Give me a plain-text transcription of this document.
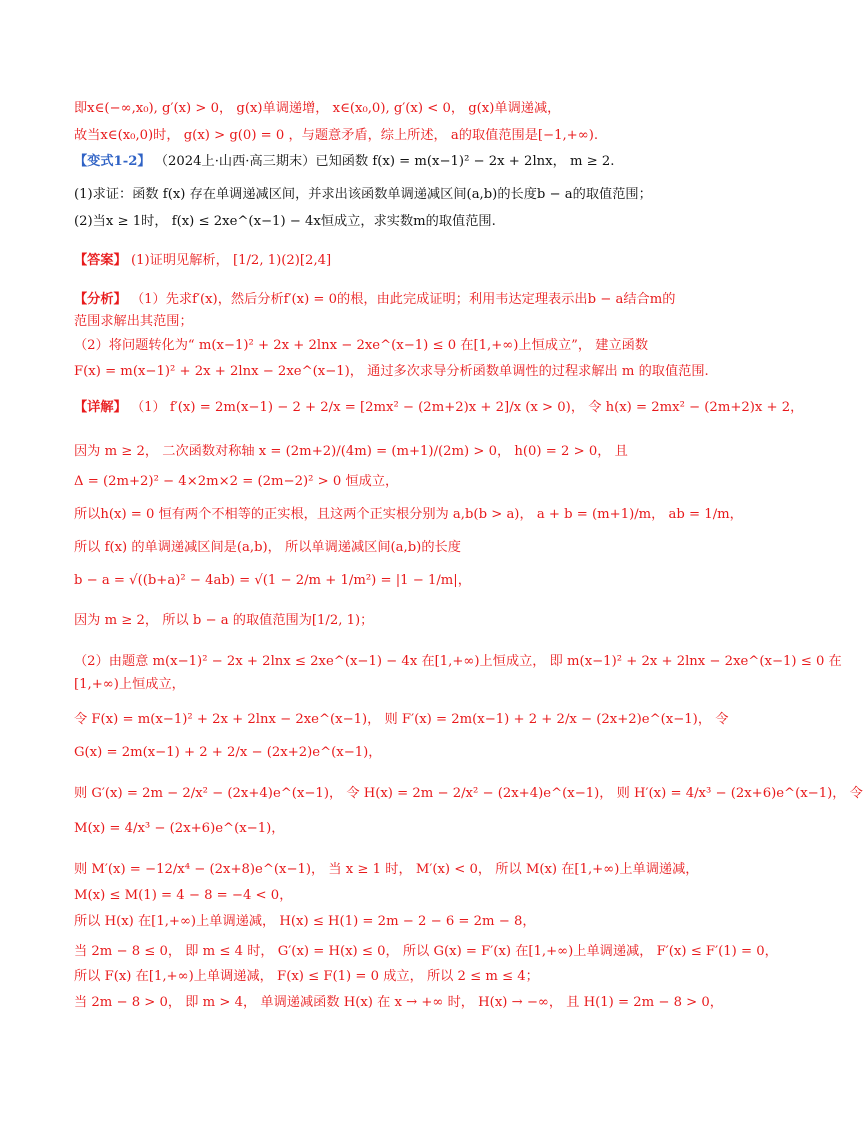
即x∈(−∞,x₀), g′(x) > 0， g(x)单调递增， x∈(x₀,0), g′(x) < 0， g(x)单调递减，
故当x∈(x₀,0)时， g(x) > g(0) = 0 ，与题意矛盾，综上所述， a的取值范围是[−1,+∞).
【变式1-2】 （2024上·山西·高三期末）已知函数 f(x) = m(x−1)² − 2x + 2lnx， m ≥ 2.
(1)求证：函数 f(x) 存在单调递减区间，并求出该函数单调递减区间(a,b)的长度b − a的取值范围；
(2)当x ≥ 1时， f(x) ≤ 2xe^(x−1) − 4x恒成立，求实数m的取值范围.
【答案】 (1)证明见解析， [1/2, 1)(2)[2,4]
【分析】 （1）先求f′(x)，然后分析f′(x) = 0的根，由此完成证明；利用韦达定理表示出b − a结合m的
范围求解出其范围；
（2）将问题转化为“ m(x−1)² + 2x + 2lnx − 2xe^(x−1) ≤ 0 在[1,+∞)上恒成立”， 建立函数
F(x) = m(x−1)² + 2x + 2lnx − 2xe^(x−1)， 通过多次求导分析函数单调性的过程求解出 m 的取值范围.
【详解】 （1） f′(x) = 2m(x−1) − 2 + 2/x = [2mx² − (2m+2)x + 2]/x (x > 0)， 令 h(x) = 2mx² − (2m+2)x + 2，
因为 m ≥ 2， 二次函数对称轴 x = (2m+2)/(4m) = (m+1)/(2m) > 0， h(0) = 2 > 0， 且
Δ = (2m+2)² − 4×2m×2 = (2m−2)² > 0 恒成立，
所以h(x) = 0 恒有两个不相等的正实根，且这两个正实根分别为 a,b(b > a)， a + b = (m+1)/m， ab = 1/m，
所以 f(x) 的单调递减区间是(a,b)， 所以单调递减区间(a,b)的长度
b − a = √((b+a)² − 4ab) = √(1 − 2/m + 1/m²) = |1 − 1/m|，
因为 m ≥ 2， 所以 b − a 的取值范围为[1/2, 1)；
（2）由题意 m(x−1)² − 2x + 2lnx ≤ 2xe^(x−1) − 4x 在[1,+∞)上恒成立， 即 m(x−1)² + 2x + 2lnx − 2xe^(x−1) ≤ 0 在
[1,+∞)上恒成立，
令 F(x) = m(x−1)² + 2x + 2lnx − 2xe^(x−1)， 则 F′(x) = 2m(x−1) + 2 + 2/x − (2x+2)e^(x−1)， 令
G(x) = 2m(x−1) + 2 + 2/x − (2x+2)e^(x−1)，
则 G′(x) = 2m − 2/x² − (2x+4)e^(x−1)， 令 H(x) = 2m − 2/x² − (2x+4)e^(x−1)， 则 H′(x) = 4/x³ − (2x+6)e^(x−1)， 令
M(x) = 4/x³ − (2x+6)e^(x−1)，
则 M′(x) = −12/x⁴ − (2x+8)e^(x−1)， 当 x ≥ 1 时， M′(x) < 0， 所以 M(x) 在[1,+∞)上单调递减，
M(x) ≤ M(1) = 4 − 8 = −4 < 0，
所以 H(x) 在[1,+∞)上单调递减， H(x) ≤ H(1) = 2m − 2 − 6 = 2m − 8，
当 2m − 8 ≤ 0， 即 m ≤ 4 时， G′(x) = H(x) ≤ 0， 所以 G(x) = F′(x) 在[1,+∞)上单调递减， F′(x) ≤ F′(1) = 0，
所以 F(x) 在[1,+∞)上单调递减， F(x) ≤ F(1) = 0 成立， 所以 2 ≤ m ≤ 4；
当 2m − 8 > 0， 即 m > 4， 单调递减函数 H(x) 在 x → +∞ 时， H(x) → −∞， 且 H(1) = 2m − 8 > 0，
